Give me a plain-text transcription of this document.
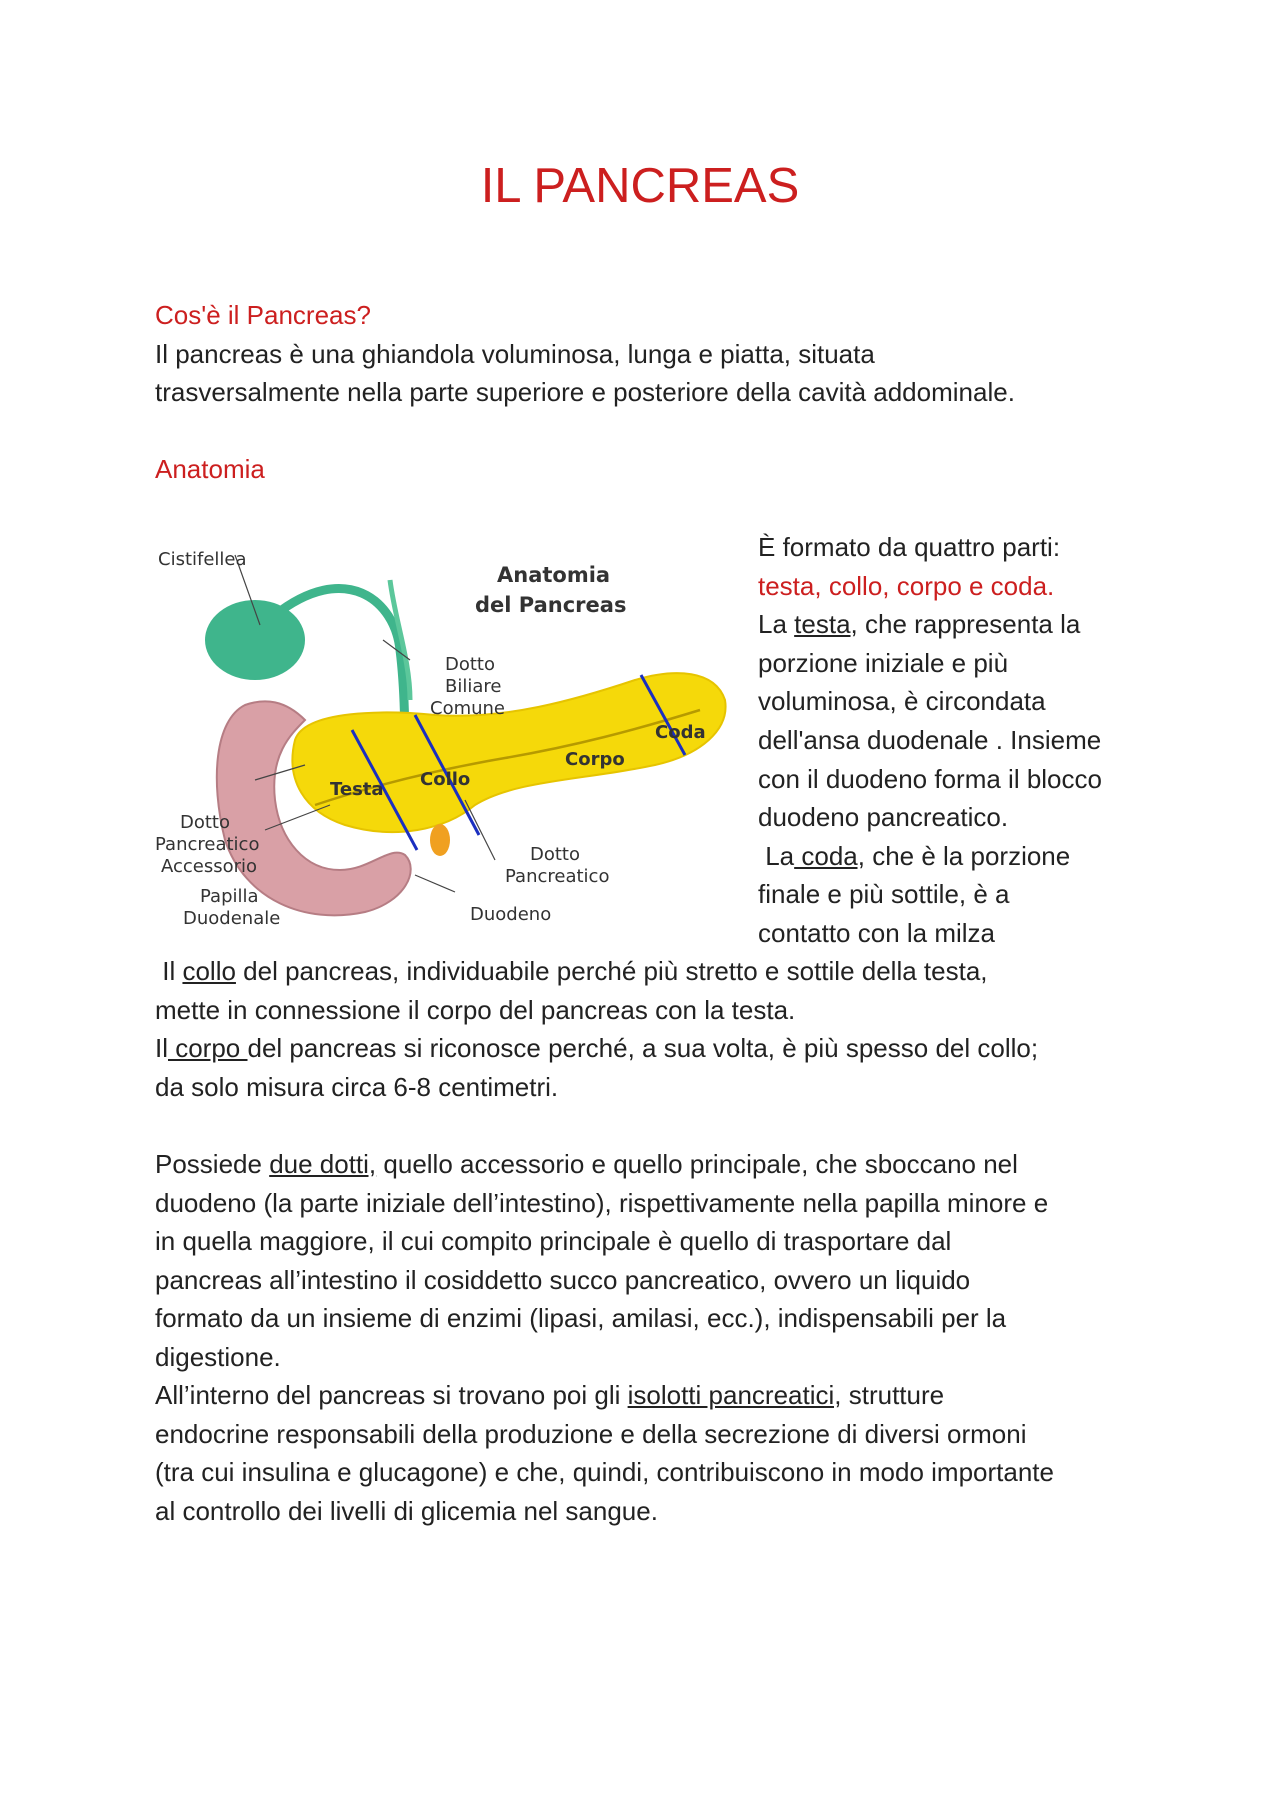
IL PANCREAS

Cos'è il Pancreas?

Il pancreas è una ghiandola voluminosa, lunga e piatta, situata

trasversalmente nella parte superiore e posteriore della cavità addominale.

Anatomia

Anatomia
del Pancreas
Cistifellea
Dotto
Biliare
Comune
Coda
Corpo
Collo
Testa
Dotto
Pancreatico
Accessorio
Papilla
Duodenale
Dotto
Pancreatico
Duodeno

È formato da quattro parti:

testa, collo, corpo e coda.

La testa, che rappresenta la

porzione iniziale e più

voluminosa, è circondata

dell'ansa duodenale . Insieme

con il duodeno forma il blocco

duodeno pancreatico.

La coda, che è la porzione

finale e più sottile, è a

contatto con la milza

Il collo del pancreas, individuabile perché più stretto e sottile della testa,

mette in connessione il corpo del pancreas con la testa.

Il corpo del pancreas si riconosce perché, a sua volta, è più spesso del collo;

da solo misura circa 6-8 centimetri.

Possiede due dotti, quello accessorio e quello principale, che sboccano nel

duodeno (la parte iniziale dell’intestino), rispettivamente nella papilla minore e

in quella maggiore, il cui compito principale è quello di trasportare dal

pancreas all’intestino il cosiddetto succo pancreatico, ovvero un liquido

formato da un insieme di enzimi (lipasi, amilasi, ecc.), indispensabili per la

digestione.

All’interno del pancreas si trovano poi gli isolotti pancreatici, strutture

endocrine responsabili della produzione e della secrezione di diversi ormoni

(tra cui insulina e glucagone) e che, quindi, contribuiscono in modo importante

al controllo dei livelli di glicemia nel sangue.
